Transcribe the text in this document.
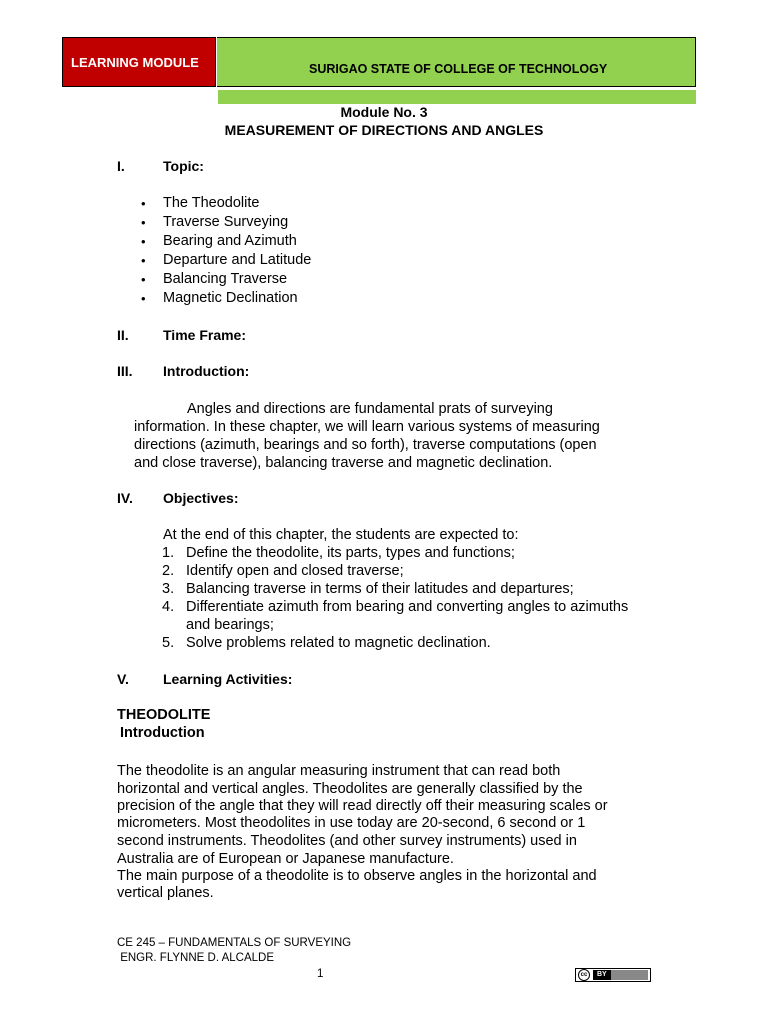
LEARNING MODULE	SURIGAO STATE OF COLLEGE OF TECHNOLOGY
Module No. 3
MEASUREMENT OF DIRECTIONS AND ANGLES
I.	Topic:
• The Theodolite
• Traverse Surveying
• Bearing and Azimuth
• Departure and Latitude
• Balancing Traverse
• Magnetic Declination
II. Time Frame:
III. Introduction:
Angles and directions are fundamental prats of surveying
information. In these chapter, we will learn various systems of measuring
directions (azimuth, bearings and so forth), traverse computations (open
and close traverse), balancing traverse and magnetic declination.
IV. Objectives:
At the end of this chapter, the students are expected to:
1. Define the theodolite, its parts, types and functions;
2. Identify open and closed traverse;
3. Balancing traverse in terms of their latitudes and departures;
4. Differentiate azimuth from bearing and converting angles to azimuths and bearings;
5. Solve problems related to magnetic declination.
V. Learning Activities:
THEODOLITE
Introduction
The theodolite is an angular measuring instrument that can read both
horizontal and vertical angles. Theodolites are generally classified by the
precision of the angle that they will read directly off their measuring scales or
micrometers. Most theodolites in use today are 20-second, 6 second or 1
second instruments. Theodolites (and other survey instruments) used in
Australia are of European or Japanese manufacture.
The main purpose of a theodolite is to observe angles in the horizontal and
vertical planes.
CE 245 – FUNDAMENTALS OF SURVEYING
ENGR. FLYNNE D. ALCALDE
1	cc	BY
